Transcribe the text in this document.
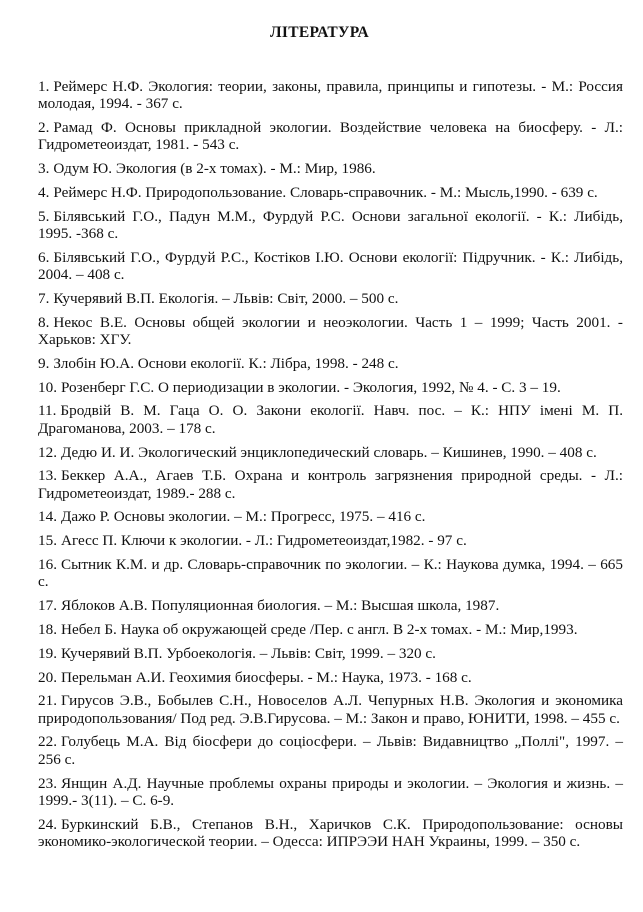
ЛІТЕРАТУРА
1. Реймерс Н.Ф. Экология: теории, законы, правила, принципы и гипотезы. - М.: Россия молодая, 1994. - 367 с.
2. Рамад Ф. Основы прикладной экологии. Воздействие человека на биосферу. - Л.: Гидрометеоиздат, 1981. - 543 с.
3. Одум Ю. Экология (в 2-х томах). - М.: Мир, 1986.
4. Реймерс Н.Ф. Природопользование. Словарь-справочник. - М.: Мысль,1990. - 639 с.
5. Білявський Г.О., Падун М.М., Фурдуй Р.С. Основи загальної екології. - К.: Либідь, 1995. -368 с.
6. Білявський Г.О., Фурдуй Р.С., Костіков І.Ю. Основи екології: Підручник. - К.: Либідь, 2004. – 408 с.
7. Кучерявий В.П. Екологія. – Львів: Світ, 2000. – 500 с.
8. Некос В.Е. Основы общей экологии и неоэкологии. Часть 1 – 1999; Часть 2001. - Харьков: ХГУ.
9. Злобін Ю.А. Основи екології. К.: Лібра, 1998. - 248 с.
10. Розенберг Г.С. О периодизации в экологии. - Экология, 1992, № 4. - С. 3 – 19.
11. Бродвій В. М. Гаца О. О. Закони екології. Навч. пос. – К.: НПУ імені М. П. Драгоманова, 2003. – 178 с.
12. Дедю И. И. Экологический энциклопедический словарь. – Кишинев, 1990. – 408 с.
13. Беккер А.А., Агаев Т.Б. Охрана и контроль загрязнения природной среды. - Л.: Гидрометеоиздат, 1989.- 288 с.
14. Дажо Р. Основы экологии. – М.: Прогресс, 1975. – 416 с.
15. Агесс П. Ключи к экологии. - Л.: Гидрометеоиздат,1982. - 97 с.
16. Сытник К.М. и др. Словарь-справочник по экологии. – К.: Наукова думка, 1994. – 665 с.
17. Яблоков А.В. Популяционная биология. – М.: Высшая школа, 1987.
18. Небел Б. Наука об окружающей среде /Пер. с англ. В 2-х томах. - М.: Мир,1993.
19. Кучерявий В.П. Урбоекологія. – Львів: Світ, 1999. – 320 с.
20. Перельман А.И. Геохимия биосферы. - М.: Наука, 1973. - 168 с.
21. Гирусов Э.В., Бобылев С.Н., Новоселов А.Л. Чепурных Н.В. Экология и экономика природопользования/ Под ред. Э.В.Гирусова. – М.: Закон и право, ЮНИТИ, 1998. – 455 с.
22. Голубець М.А. Від біосфери до соціосфери. – Львів: Видавництво „Поллі", 1997. – 256 с.
23. Янщин А.Д. Научные проблемы охраны природы и экологии. – Экология и жизнь. – 1999.- 3(11). – С. 6-9.
24. Буркинский Б.В., Степанов В.Н., Харичков С.К. Природопользование: основы экономико-экологической теории. – Одесса: ИПРЭЭИ НАН Украины, 1999. – 350 с.
